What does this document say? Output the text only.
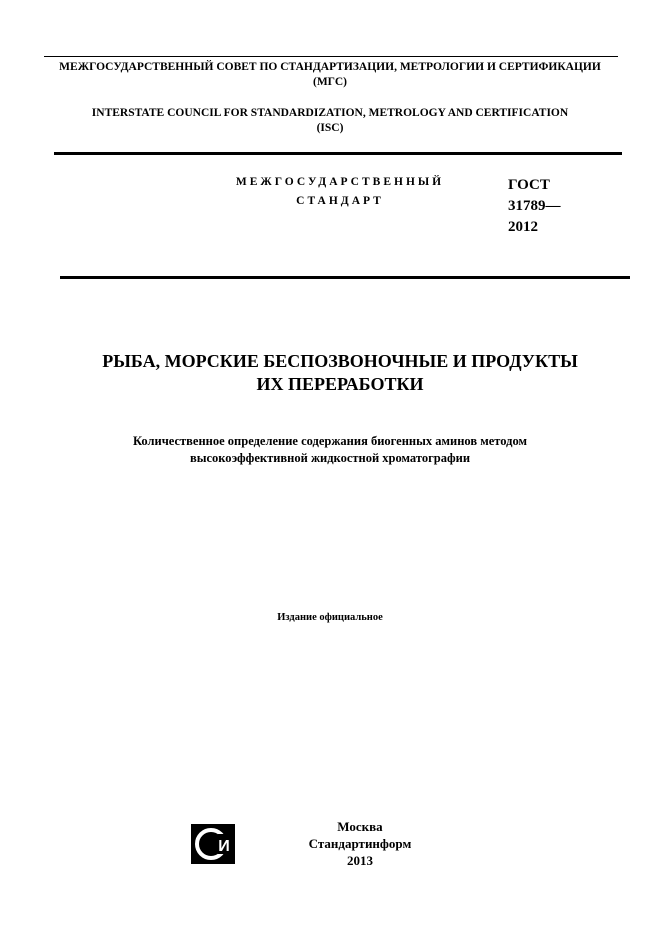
МЕЖГОСУДАРСТВЕННЫЙ СОВЕТ ПО СТАНДАРТИЗАЦИИ, МЕТРОЛОГИИ И СЕРТИФИКАЦИИ
(МГС)
INTERSTATE COUNCIL FOR STANDARDIZATION, METROLOGY AND CERTIFICATION
(ISC)
МЕЖГОСУДАРСТВЕННЫЙ
СТАНДАРТ
ГОСТ
31789—
2012
РЫБА, МОРСКИЕ БЕСПОЗВОНОЧНЫЕ И ПРОДУКТЫ
ИХ ПЕРЕРАБОТКИ
Количественное определение содержания биогенных аминов методом
высокоэффективной жидкостной хроматографии
Издание официальное
И
Москва
Стандартинформ
2013
